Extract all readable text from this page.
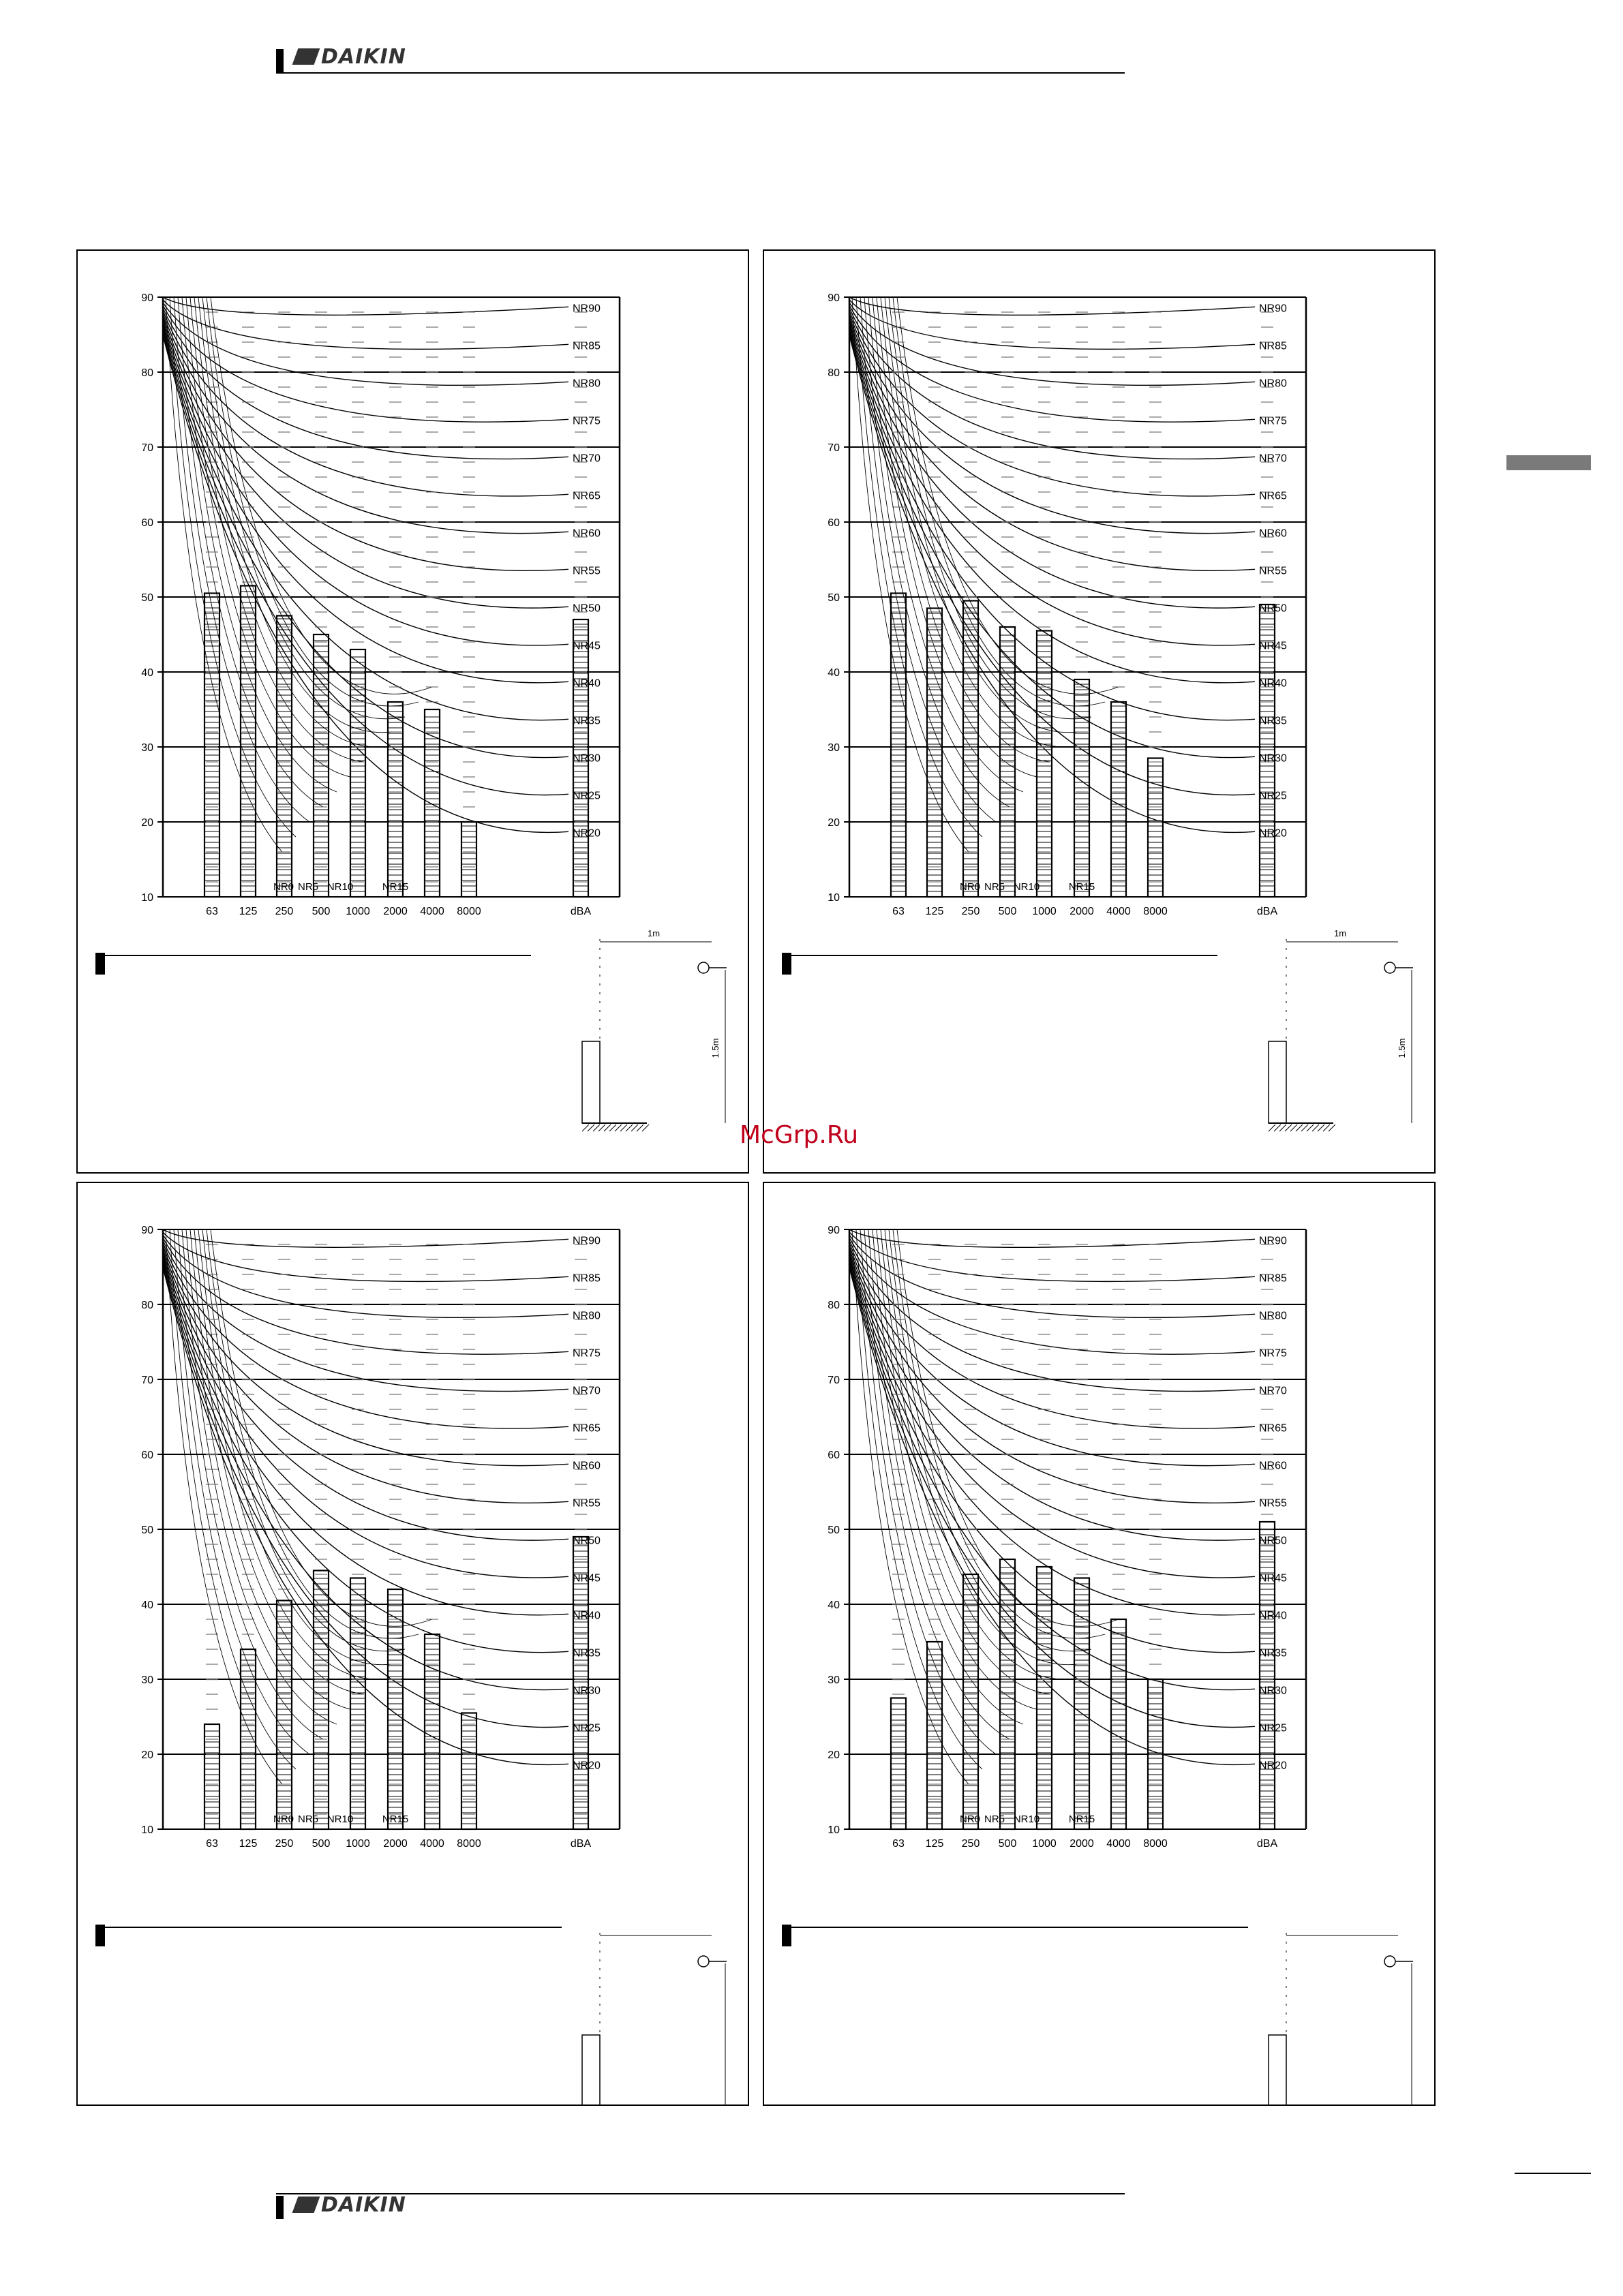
DAIKIN
NR90
NR85
NR80
NR75
NR70
NR65
NR60
NR55
NR50
NR45
NR40
NR35
NR30
NR25
NR20
90
80
70
60
50
40
30
20
10
63 125 250 500 1000 2000 4000 8000	dBA
NR0 NR5 NR10	NR15
1m
1.5m
NR90
NR85
NR80
NR75
NR70
NR65
NR60
NR55
NR50
NR45
NR40
NR35
NR30
NR25
NR20
90
80
70
60
50
40
30
20
10
63 125 250 500 1000 2000 4000 8000	dBA
NR0 NR5 NR10	NR15
1m
1.5m
NR90
NR85
NR80
NR75
NR70
NR65
NR60
NR55
NR50
NR45
NR40
NR35
NR30
NR25
NR20
90
80
70
60
50
40
30
20
10
63 125 250 500 1000 2000 4000 8000	dBA
NR0 NR5 NR10	NR15
NR90
NR85
NR80
NR75
NR70
NR65
NR60
NR55
NR50
NR45
NR40
NR35
NR30
NR25
NR20
90
80
70
60
50
40
30
20
10
63 125 250 500 1000 2000 4000 8000	dBA
NR0 NR5 NR10	NR15
McGrp.Ru
DAIKIN
